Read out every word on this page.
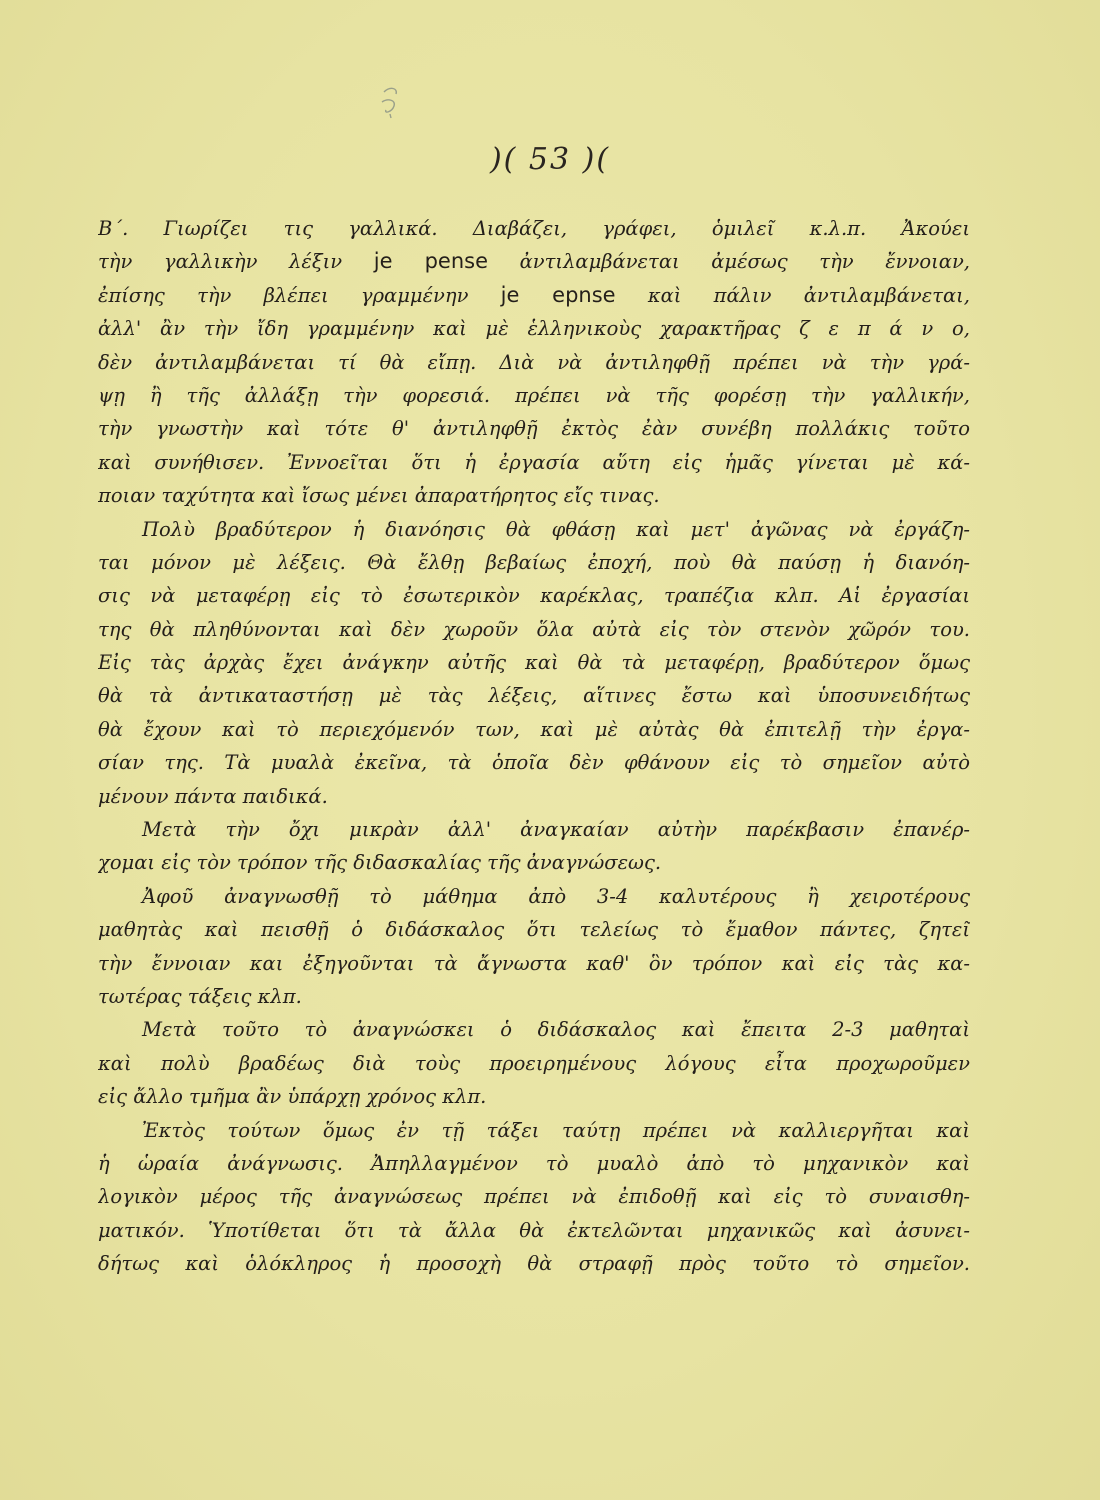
)( 53 )(
Β΄. Γιωρίζει τις γαλλικά. Διαβάζει, γράφει, ὁμιλεῖ κ.λ.π. Ἀκούει
τὴν γαλλικὴν λέξιν je pense ἀντιλαμβάνεται ἀμέσως τὴν ἔννοιαν,
ἐπίσης τὴν βλέπει γραμμένην je epnse καὶ πάλιν ἀντιλαμβάνεται,
ἀλλ' ἂν τὴν ἴδη γραμμένην καὶ μὲ ἑλληνικοὺς χαρακτῆρας ζ ε π ά ν ο,
δὲν ἀντιλαμβάνεται τί θὰ εἴπῃ. Διὰ νὰ ἀντιληφθῇ πρέπει νὰ τὴν γρά-
ψῃ ἢ τῆς ἀλλάξῃ τὴν φορεσιά. πρέπει νὰ τῆς φορέσῃ τὴν γαλλικήν,
τὴν γνωστὴν καὶ τότε θ' ἀντιληφθῇ ἐκτὸς ἐὰν συνέβη πολλάκις τοῦτο
καὶ συνήθισεν. Ἐννοεῖται ὅτι ἡ ἐργασία αὕτη εἰς ἡμᾶς γίνεται μὲ κά-
ποιαν ταχύτητα καὶ ἴσως μένει ἀπαρατήρητος εἴς τινας.
Πολὺ βραδύτερον ἡ διανόησις θὰ φθάσῃ καὶ μετ' ἀγῶνας νὰ ἐργάζη-
ται μόνον μὲ λέξεις. Θὰ ἔλθῃ βεβαίως ἐποχή, ποὺ θὰ παύσῃ ἡ διανόη-
σις νὰ μεταφέρῃ εἰς τὸ ἐσωτερικὸν καρέκλας, τραπέζια κλπ. Αἱ ἐργασίαι
της θὰ πληθύνονται καὶ δὲν χωροῦν ὅλα αὐτὰ εἰς τὸν στενὸν χῶρόν του.
Εἰς τὰς ἀρχὰς ἔχει ἀνάγκην αὐτῆς καὶ θὰ τὰ μεταφέρῃ, βραδύτερον ὅμως
θὰ τὰ ἀντικαταστήσῃ μὲ τὰς λέξεις, αἵτινες ἔστω καὶ ὑποσυνειδήτως
θὰ ἔχουν καὶ τὸ περιεχόμενόν των, καὶ μὲ αὐτὰς θὰ ἐπιτελῇ τὴν ἐργα-
σίαν της. Τὰ μυαλὰ ἐκεῖνα, τὰ ὁποῖα δὲν φθάνουν εἰς τὸ σημεῖον αὐτὸ
μένουν πάντα παιδικά.
Μετὰ τὴν ὄχι μικρὰν ἀλλ' ἀναγκαίαν αὐτὴν παρέκβασιν ἐπανέρ-
χομαι εἰς τὸν τρόπον τῆς διδασκαλίας τῆς ἀναγνώσεως.
Ἀφοῦ ἀναγνωσθῇ τὸ μάθημα ἀπὸ 3-4 καλυτέρους ἢ χειροτέρους
μαθητὰς καὶ πεισθῇ ὁ διδάσκαλος ὅτι τελείως τὸ ἔμαθον πάντες, ζητεῖ
τὴν ἔννοιαν και ἐξηγοῦνται τὰ ἄγνωστα καθ' ὃν τρόπον καὶ εἰς τὰς κα-
τωτέρας τάξεις κλπ.
Μετὰ τοῦτο τὸ ἀναγνώσκει ὁ διδάσκαλος καὶ ἔπειτα 2-3 μαθηταὶ
καὶ πολὺ βραδέως διὰ τοὺς προειρημένους λόγους εἶτα προχωροῦμεν
εἰς ἄλλο τμῆμα ἂν ὑπάρχῃ χρόνος κλπ.
Ἐκτὸς τούτων ὅμως ἐν τῇ τάξει ταύτῃ πρέπει νὰ καλλιεργῆται καὶ
ἡ ὡραία ἀνάγνωσις. Ἀπηλλαγμένον τὸ μυαλὸ ἀπὸ τὸ μηχανικὸν καὶ
λογικὸν μέρος τῆς ἀναγνώσεως πρέπει νὰ ἐπιδοθῇ καὶ εἰς τὸ συναισθη-
ματικόν. Ὑποτίθεται ὅτι τὰ ἄλλα θὰ ἐκτελῶνται μηχανικῶς καὶ ἀσυνει-
δήτως καὶ ὁλόκληρος ἡ προσοχὴ θὰ στραφῇ πρὸς τοῦτο τὸ σημεῖον.
